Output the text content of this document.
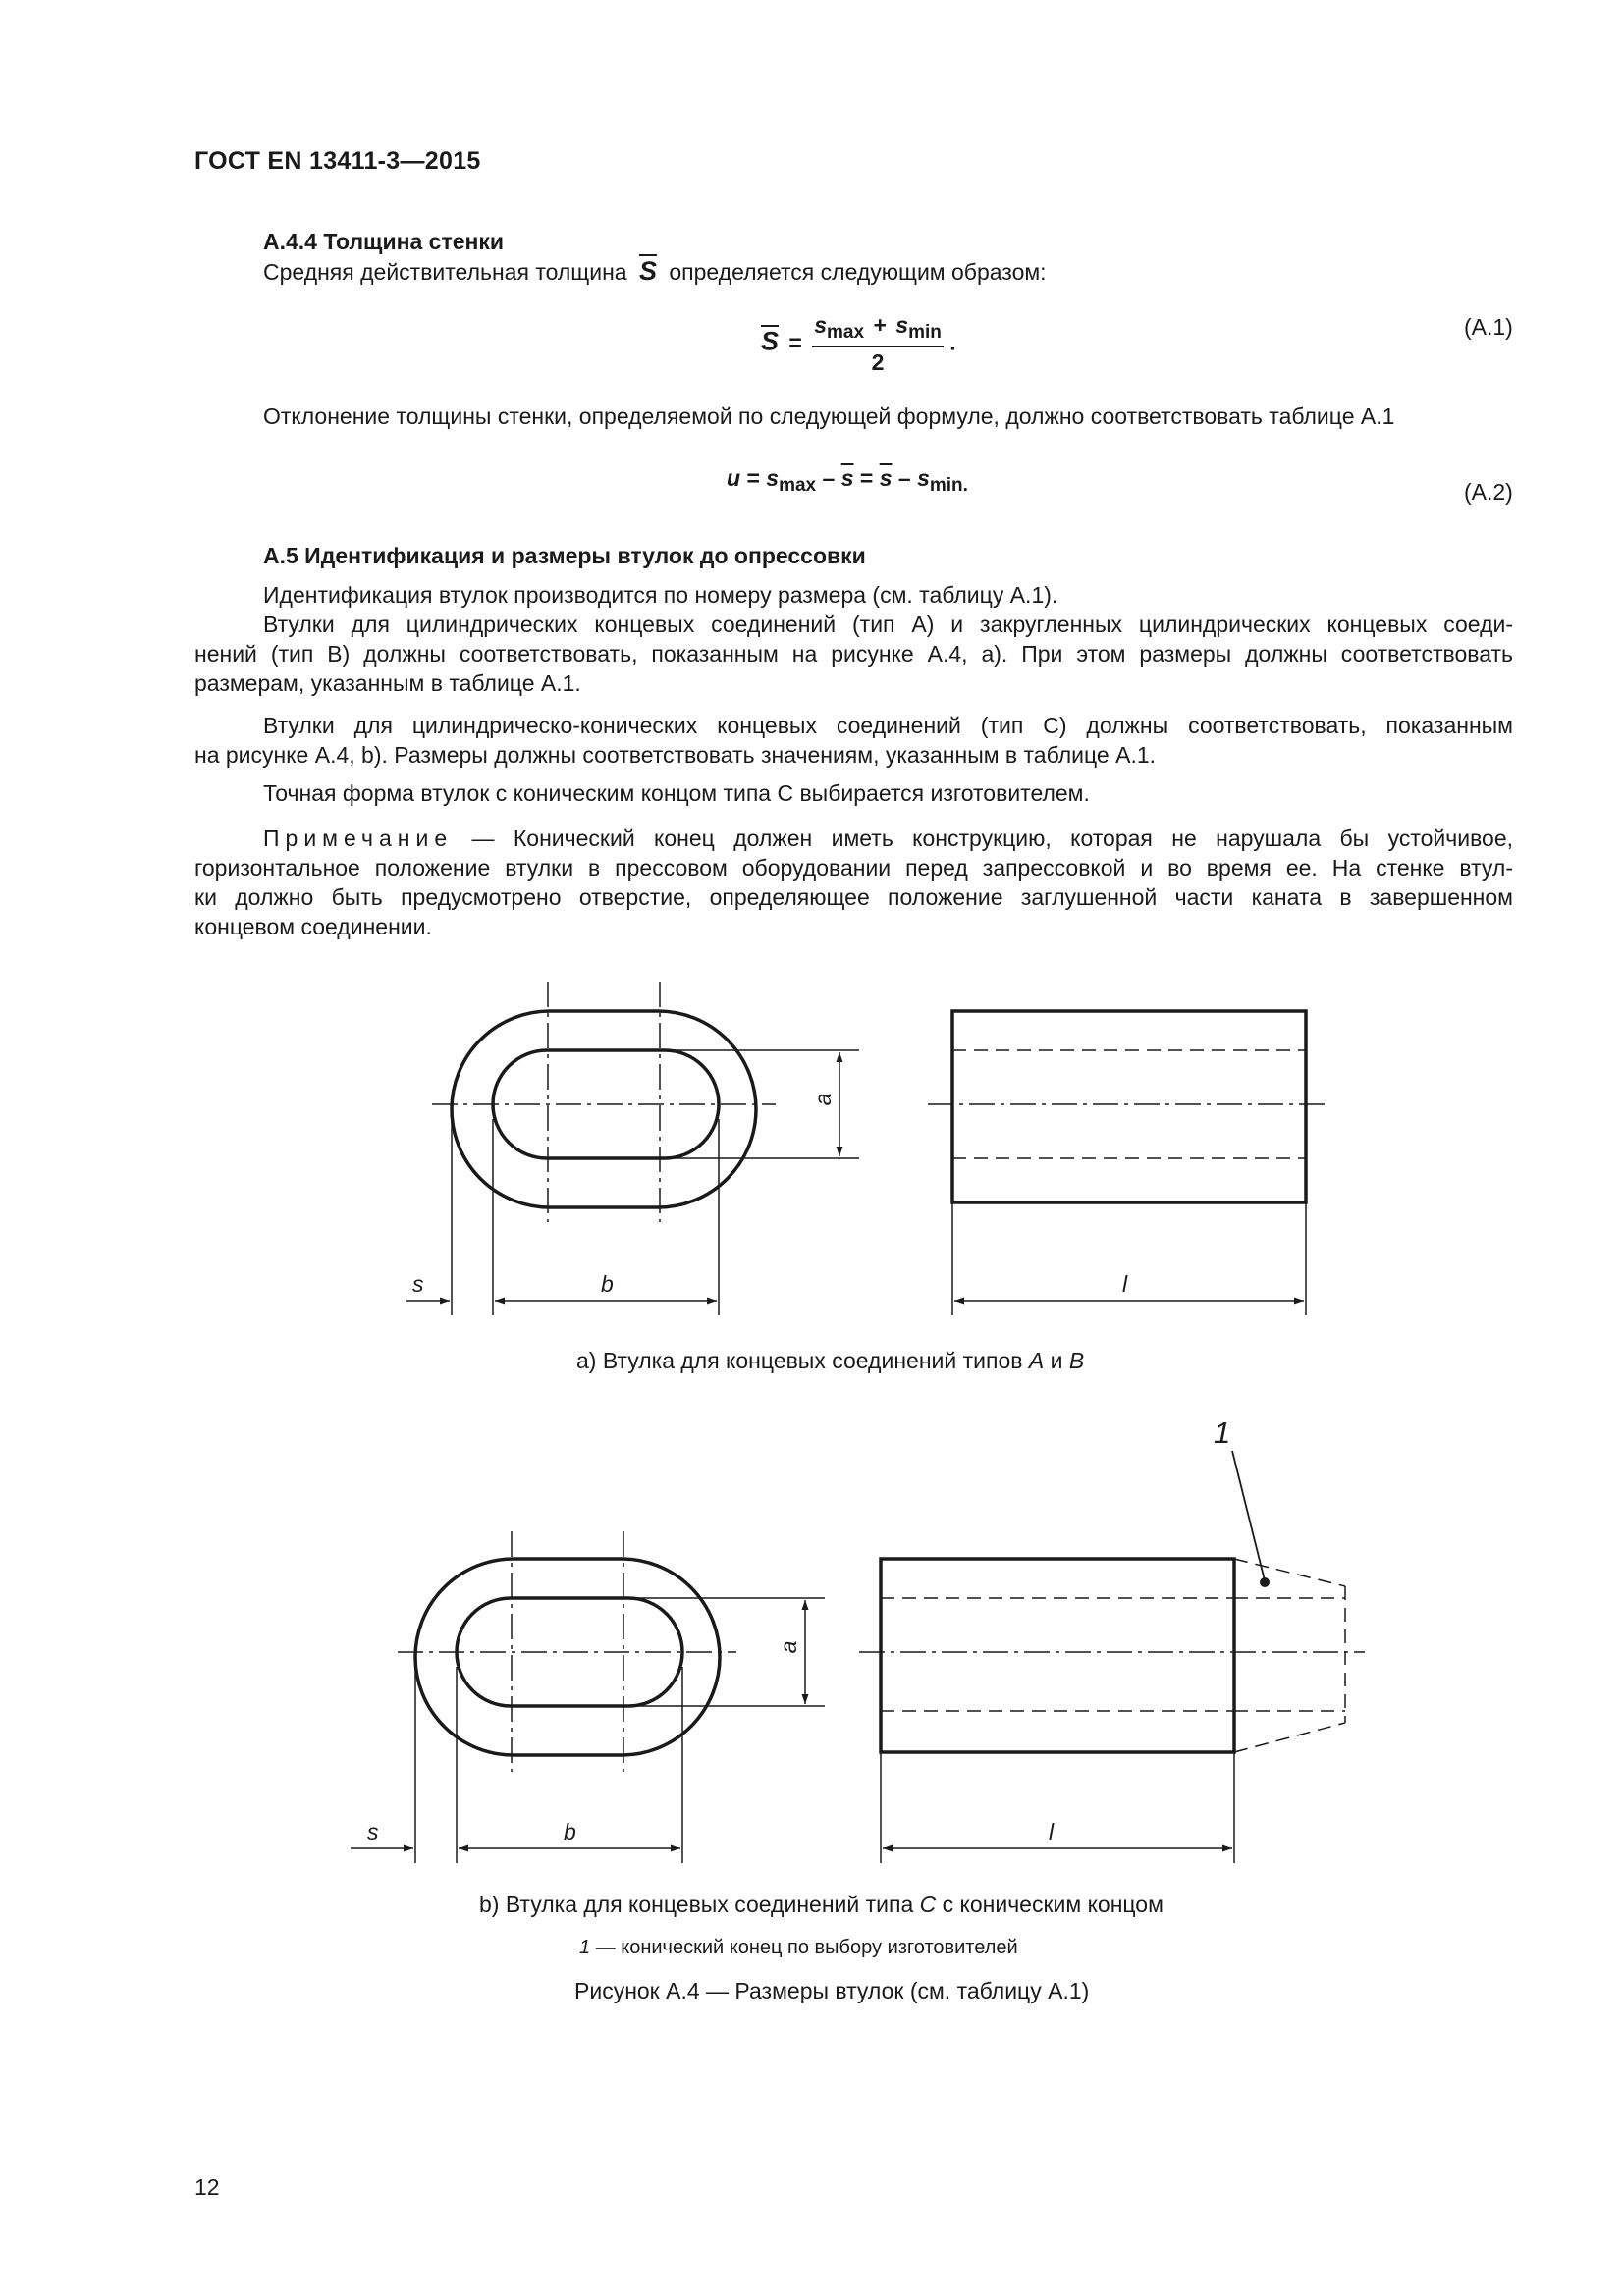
ГОСТ EN 13411-3—2015
А.4.4 Толщина стенки
Средняя действительная толщина $\overline{S}$ определяется следующим образом:
$\overline{S} = \frac{s_{max} + s_{min}}{2}$ .
(А.1)
Отклонение толщины стенки, определяемой по следующей формуле, должно соответствовать таблице А.1
$u = s_{max} - \overline{s} = \overline{s} - s_{min.}$	(А.2)
А.5 Идентификация и размеры втулок до опрессовки
Идентификация втулок производится по номеру размера (см. таблицу А.1).
Втулки для цилиндрических концевых соединений (тип A) и закругленных цилиндрических концевых соеди-
нений (тип B) должны соответствовать, показанным на рисунке А.4, a). При этом размеры должны соответствовать
размерам, указанным в таблице А.1.
Втулки для цилиндрическо-конических концевых соединений (тип C) должны соответствовать, показанным
на рисунке А.4, b). Размеры должны соответствовать значениям, указанным в таблице А.1.
Точная форма втулок с коническим концом типа C выбирается изготовителем.
Примечание — Конический конец должен иметь конструкцию, которая не нарушала бы устойчивое,
горизонтальное положение втулки в прессовом оборудовании перед запрессовкой и во время ее. На стенке втул-
ки должно быть предусмотрено отверстие, определяющее положение заглушенной части каната в завершенном
концевом соединении.
a
s	b	l
a
s	b
1
l
a) Втулка для концевых соединений типов A и B
b) Втулка для концевых соединений типа C с коническим концом
1 — конический конец по выбору изготовителей
Рисунок А.4 — Размеры втулок (см. таблицу А.1)
12
